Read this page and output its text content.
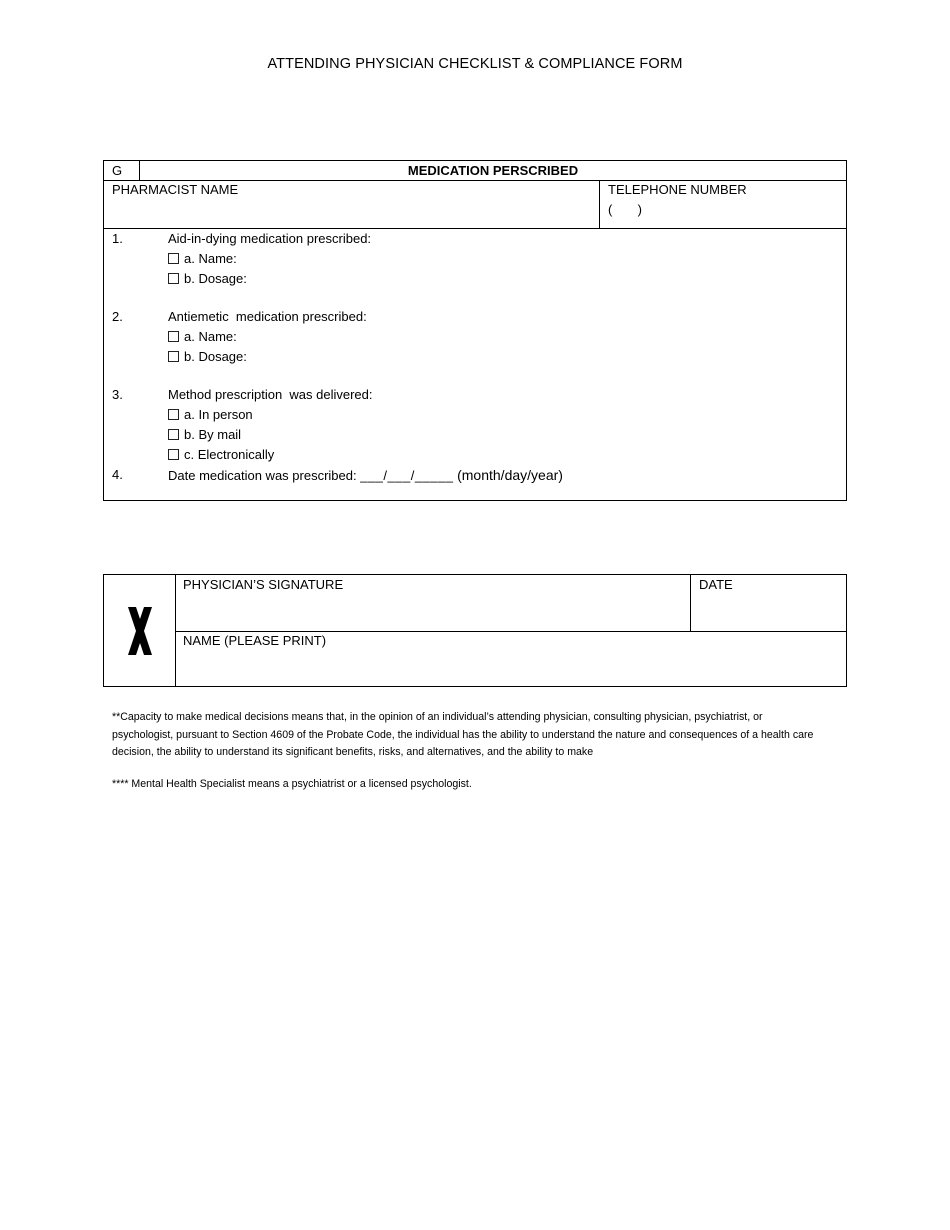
ATTENDING PHYSICIAN CHECKLIST & COMPLIANCE FORM
G	MEDICATION PERSCRIBED
PHARMACIST NAME	TELEPHONE NUMBER
(       )
1.	Aid-in-dying medication prescribed:
a. Name:
b. Dosage:
2.	Antiemetic  medication prescribed:
a. Name:
b. Dosage:
3.	Method prescription  was delivered:
a. In person
b. By mail
c. Electronically
4.	Date medication was prescribed: ___/___/_____ (month/day/year)
PHYSICIAN’S SIGNATURE	DATE
NAME (PLEASE PRINT)
**Capacity to make medical decisions means that, in the opinion of an individual’s attending physician, consulting physician, psychiatrist, or psychologist, pursuant to Section 4609 of the Probate Code, the individual has the ability to understand the nature and consequences of a health care decision, the ability to understand its significant benefits, risks, and alternatives, and the ability to make
**** Mental Health Specialist means a psychiatrist or a licensed psychologist.
